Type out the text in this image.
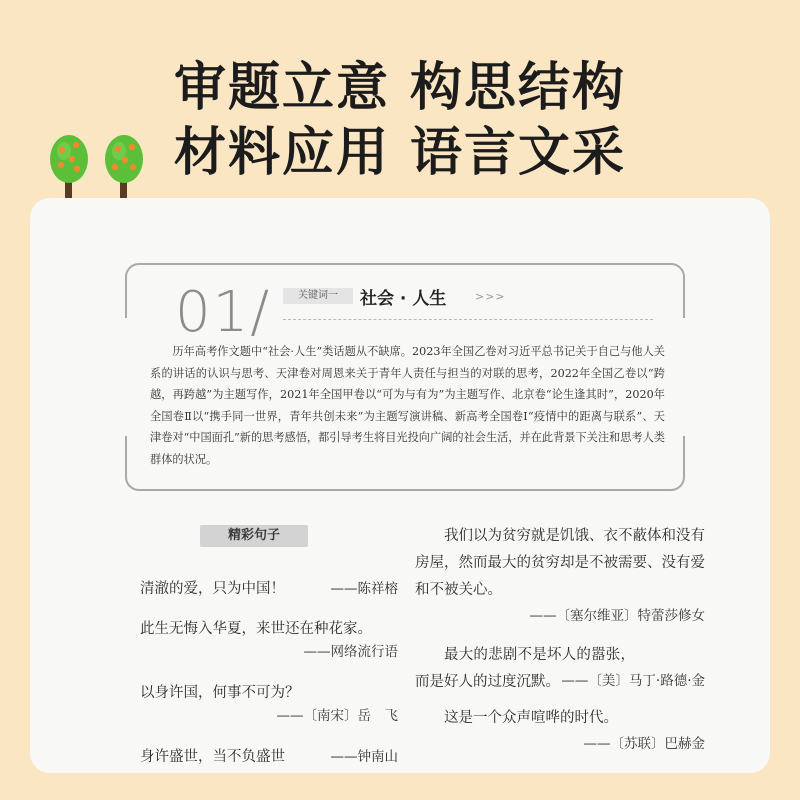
审题立意 构思结构
材料应用 语言文采
01/	关键词一	社会 · 人生	>>>
历年高考作文题中“社会·人生”类话题从不缺席。2023年全国乙卷对习近平总书记关于自己与他人关系的讲话的认识与思考、天津卷对周恩来关于青年人责任与担当的对联的思考，2022年全国乙卷以“跨越，再跨越”为主题写作，2021年全国甲卷以“可为与有为”为主题写作、北京卷“论生逢其时”，2020年全国卷Ⅱ以“携手同一世界，青年共创未来”为主题写演讲稿、新高考全国卷Ⅰ“疫情中的距离与联系”、天津卷对“中国面孔”新的思考感悟，都引导考生将目光投向广阔的社会生活，并在此背景下关注和思考人类群体的状况。
精彩句子
清澈的爱，只为中国！	——陈祥榕
此生无悔入华夏，来世还在种花家。
——网络流行语
以身许国，何事不可为？
——〔南宋〕岳　飞
身许盛世，当不负盛世	——钟南山
我们以为贫穷就是饥饿、衣不蔽体和没有房屋，然而最大的贫穷却是不被需要、没有爱和不被关心。
——〔塞尔维亚〕特蕾莎修女
最大的悲剧不是坏人的嚣张，而是好人的过度沉默。 ——〔美〕马丁·路德·金
这是一个众声喧哗的时代。
——〔苏联〕巴赫金
